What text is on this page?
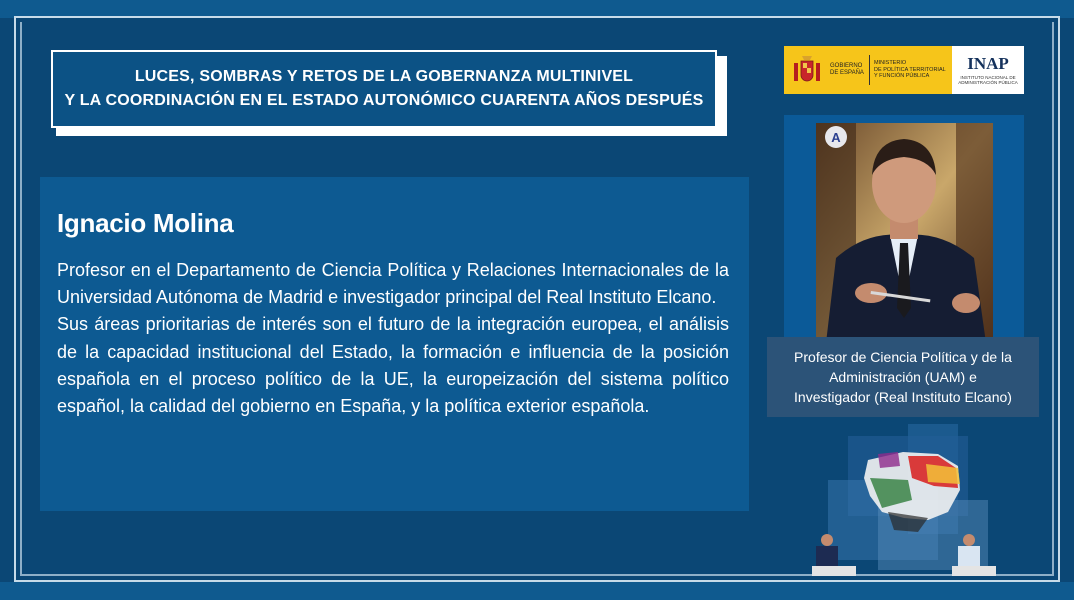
LUCES, SOMBRAS Y RETOS DE LA GOBERNANZA MULTINIVEL
Y LA COORDINACIÓN EN EL ESTADO AUTONÓMICO CUARENTA AÑOS DESPUÉS
Ignacio Molina

Profesor en el Departamento de Ciencia Política y Relaciones Internacionales de la Universidad Autónoma de Madrid e investigador principal del Real Instituto Elcano.

Sus áreas prioritarias de interés son el futuro de la integración europea, el análisis de la capacidad institucional del Estado, la formación e influencia de la posición española en el proceso político de la UE, la europeización del sistema político español, la calidad del gobierno en España, y la política exterior española.

GOBIERNO
DE ESPAÑA
MINISTERIO
DE POLÍTICA TERRITORIAL
Y FUNCIÓN PÚBLICA
INAP
INSTITUTO NACIONAL DE
ADMINISTRACIÓN PÚBLICA
A
Profesor de Ciencia Política y de la
Administración (UAM) e
Investigador (Real Instituto Elcano)
